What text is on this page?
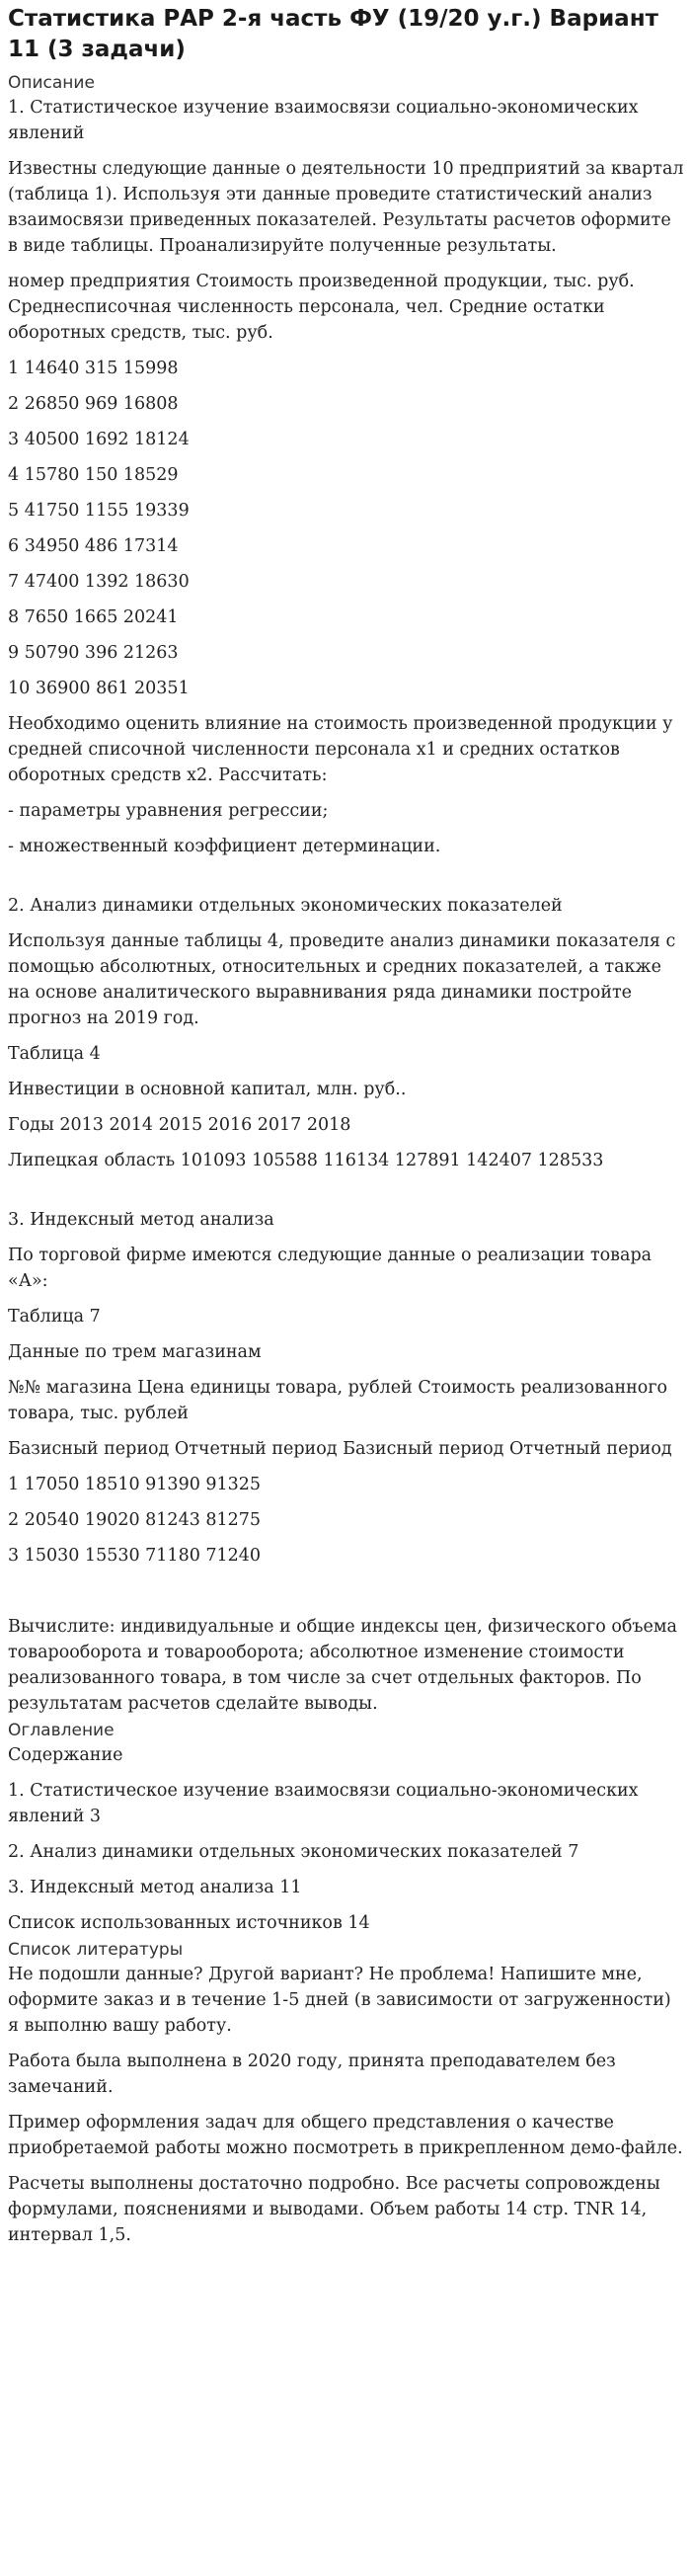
Статистика РАР 2-я часть ФУ (19/20 у.г.) Вариант 11 (3 задачи)
Описание

1. Статистическое изучение взаимосвязи социально-экономических явлений

Известны следующие данные о деятельности 10 предприятий за квартал (таблица 1). Используя эти данные проведите статистический анализ взаимосвязи приведенных показателей. Результаты расчетов оформите в виде таблицы. Проанализируйте полученные результаты.

номер предприятия Стоимость произведенной продукции, тыс. руб. Среднесписочная численность персонала, чел. Средние остатки оборотных средств, тыс. руб.

1 14640 315 15998

2 26850 969 16808

3 40500 1692 18124

4 15780 150 18529

5 41750 1155 19339

6 34950 486 17314

7 47400 1392 18630

8 7650 1665 20241

9 50790 396 21263

10 36900 861 20351

Необходимо оценить влияние на стоимость произведенной продукции у средней списочной численности персонала х1 и средних остатков оборотных средств х2. Рассчитать:

- параметры уравнения регрессии;

- множественный коэффициент детерминации.

2. Анализ динамики отдельных экономических показателей

Используя данные таблицы 4, проведите анализ динамики показателя с помощью абсолютных, относительных и средних показателей, а также на основе аналитического выравнивания ряда динамики постройте прогноз на 2019 год.

Таблица 4

Инвестиции в основной капитал, млн. руб..

Годы 2013 2014 2015 2016 2017 2018

Липецкая область 101093 105588 116134 127891 142407 128533

3. Индексный метод анализа

По торговой фирме имеются следующие данные о реализации товара «А»:

Таблица 7

Данные по трем магазинам

№№ магазина Цена единицы товара, рублей Стоимость реализованного товара, тыс. рублей

Базисный период Отчетный период Базисный период Отчетный период

1 17050 18510 91390 91325

2 20540 19020 81243 81275

3 15030 15530 71180 71240

Вычислите: индивидуальные и общие индексы цен, физического объема товарооборота и товарооборота; абсолютное изменение стоимости реализованного товара, в том числе за счет отдельных факторов. По результатам расчетов сделайте выводы.

Оглавление

Содержание

1. Статистическое изучение взаимосвязи социально-экономических явлений 3

2. Анализ динамики отдельных экономических показателей 7

3. Индексный метод анализа 11

Список использованных источников 14

Список литературы

Не подошли данные? Другой вариант? Не проблема! Напишите мне, оформите заказ и в течение 1-5 дней (в зависимости от загруженности) я выполню вашу работу.

Работа была выполнена в 2020 году, принята преподавателем без замечаний.

Пример оформления задач для общего представления о качестве приобретаемой работы можно посмотреть в прикрепленном демо-файле.

Расчеты выполнены достаточно подробно. Все расчеты сопровождены формулами, пояснениями и выводами. Объем работы 14 стр. TNR 14, интервал 1,5.
